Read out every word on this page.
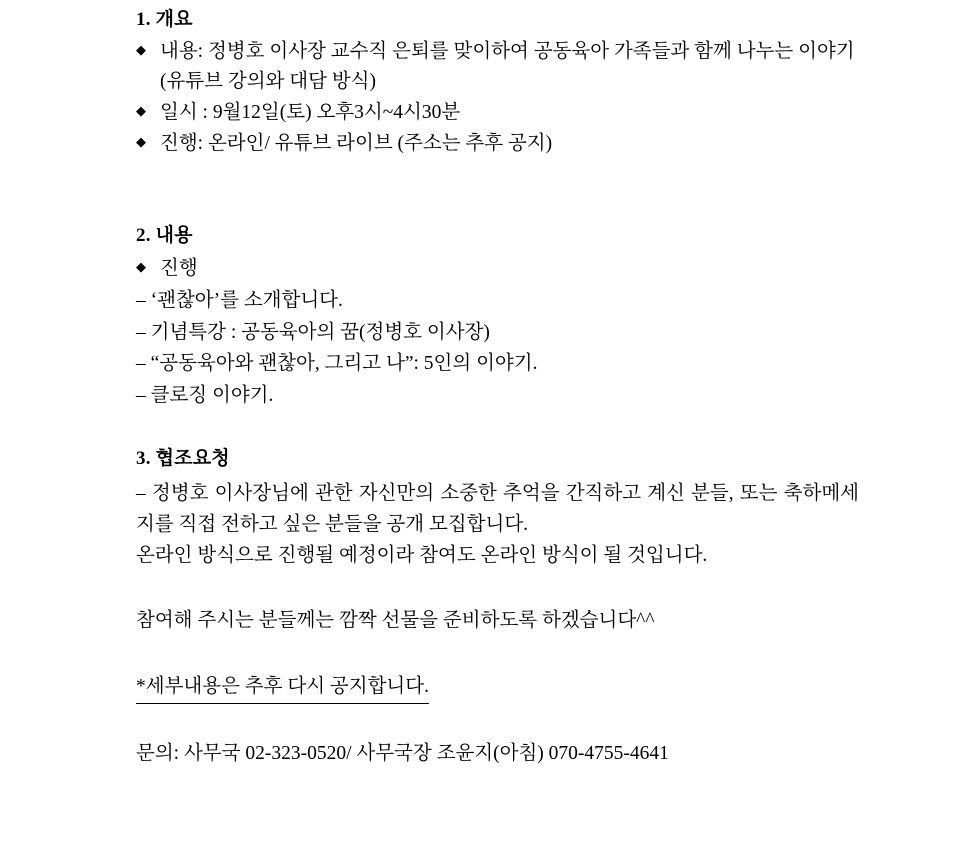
1. 개요
◆ 내용: 정병호 이사장 교수직 은퇴를 맞이하여 공동육아 가족들과 함께 나누는 이야기
(유튜브 강의와 대담 방식)
◆ 일시 : 9월12일(토) 오후3시~4시30분
◆ 진행: 온라인/ 유튜브 라이브 (주소는 추후 공지)
2. 내용
◆ 진행
– ‘괜찮아’를 소개합니다.
– 기념특강 : 공동육아의 꿈(정병호 이사장)
– “공동육아와 괜찮아, 그리고 나”: 5인의 이야기.
– 클로징 이야기.
3. 협조요청
– 정병호 이사장님에 관한 자신만의 소중한 추억을 간직하고 계신 분들, 또는 축하메세지를 직접 전하고 싶은 분들을 공개 모집합니다.
온라인 방식으로 진행될 예정이라 참여도 온라인 방식이 될 것입니다.
참여해 주시는 분들께는 깜짝 선물을 준비하도록 하겠습니다^^
*세부내용은 추후 다시 공지합니다.
문의: 사무국 02-323-0520/ 사무국장 조윤지(아침) 070-4755-4641
